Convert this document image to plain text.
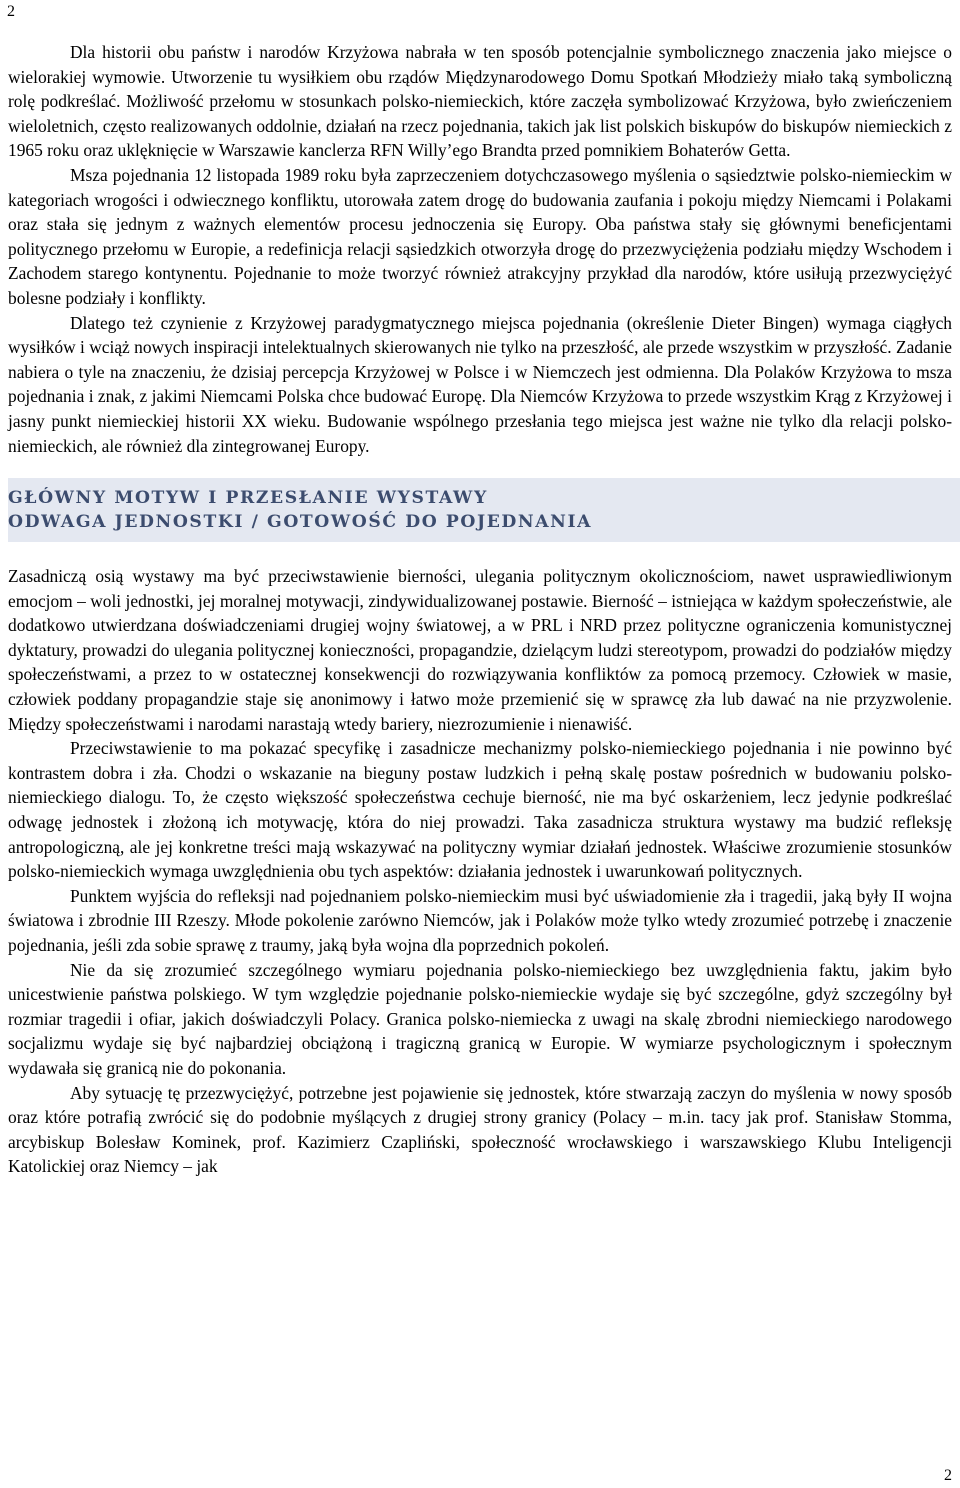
2

Dla historii obu państw i narodów Krzyżowa nabrała w ten sposób potencjalnie symbolicznego znaczenia jako miejsce o wielorakiej wymowie. Utworzenie tu wysiłkiem obu rządów Międzynarodowego Domu Spotkań Młodzieży miało taką symboliczną rolę podkreślać. Możliwość przełomu w stosunkach polsko-niemieckich, które zaczęła symbolizować Krzyżowa, było zwieńczeniem wieloletnich, często realizowanych oddolnie, działań na rzecz pojednania, takich jak list polskich biskupów do biskupów niemieckich z 1965 roku oraz uklęknięcie w Warszawie kanclerza RFN Willy’ego Brandta przed pomnikiem Bohaterów Getta.

Msza pojednania 12 listopada 1989 roku była zaprzeczeniem dotychczasowego myślenia o sąsiedztwie polsko-niemieckim w kategoriach wrogości i odwiecznego konfliktu, utorowała zatem drogę do budowania zaufania i pokoju między Niemcami i Polakami oraz stała się jednym z ważnych elementów procesu jednoczenia się Europy. Oba państwa stały się głównymi beneficjentami politycznego przełomu w Europie, a redefinicja relacji sąsiedzkich otworzyła drogę do przezwyciężenia podziału między Wschodem i Zachodem starego kontynentu. Pojednanie to może tworzyć również atrakcyjny przykład dla narodów, które usiłują przezwyciężyć bolesne podziały i konflikty.

Dlatego też czynienie z Krzyżowej paradygmatycznego miejsca pojednania (określenie Dieter Bingen) wymaga ciągłych wysiłków i wciąż nowych inspiracji intelektualnych skierowanych nie tylko na przeszłość, ale przede wszystkim w przyszłość. Zadanie nabiera o tyle na znaczeniu, że dzisiaj percepcja Krzyżowej w Polsce i w Niemczech jest odmienna. Dla Polaków Krzyżowa to msza pojednania i znak, z jakimi Niemcami Polska chce budować Europę. Dla Niemców Krzyżowa to przede wszystkim Krąg z Krzyżowej i jasny punkt niemieckiej historii XX wieku. Budowanie wspólnego przesłania tego miejsca jest ważne nie tylko dla relacji polsko-niemieckich, ale również dla zintegrowanej Europy.

GŁÓWNY MOTYW I PRZESŁANIE WYSTAWY
ODWAGA JEDNOSTKI / GOTOWOŚĆ DO POJEDNANIA

Zasadniczą osią wystawy ma być przeciwstawienie bierności, ulegania politycznym okolicznościom, nawet usprawiedliwionym emocjom – woli jednostki, jej moralnej motywacji, zindywidualizowanej postawie. Bierność – istniejąca w każdym społeczeństwie, ale dodatkowo utwierdzana doświadczeniami drugiej wojny światowej, a w PRL i NRD przez polityczne ograniczenia komunistycznej dyktatury, prowadzi do ulegania politycznej konieczności, propagandzie, dzielącym ludzi stereotypom, prowadzi do podziałów między społeczeństwami, a przez to w ostatecznej konsekwencji do rozwiązywania konfliktów za pomocą przemocy. Człowiek w masie, człowiek poddany propagandzie staje się anonimowy i łatwo może przemienić się w sprawcę zła lub dawać na nie przyzwolenie. Między społeczeństwami i narodami narastają wtedy bariery, niezrozumienie i nienawiść.

Przeciwstawienie to ma pokazać specyfikę i zasadnicze mechanizmy polsko-niemieckiego pojednania i nie powinno być kontrastem dobra i zła. Chodzi o wskazanie na bieguny postaw ludzkich i pełną skalę postaw pośrednich w budowaniu polsko-niemieckiego dialogu. To, że często większość społeczeństwa cechuje bierność, nie ma być oskarżeniem, lecz jedynie podkreślać odwagę jednostek i złożoną ich motywację, która do niej prowadzi. Taka zasadnicza struktura wystawy ma budzić refleksję antropologiczną, ale jej konkretne treści mają wskazywać na polityczny wymiar działań jednostek. Właściwe zrozumienie stosunków polsko-niemieckich wymaga uwzględnienia obu tych aspektów: działania jednostek i uwarunkowań politycznych.

Punktem wyjścia do refleksji nad pojednaniem polsko-niemieckim musi być uświadomienie zła i tragedii, jaką były II wojna światowa i zbrodnie III Rzeszy. Młode pokolenie zarówno Niemców, jak i Polaków może tylko wtedy zrozumieć potrzebę i znaczenie pojednania, jeśli zda sobie sprawę z traumy, jaką była wojna dla poprzednich pokoleń.

Nie da się zrozumieć szczególnego wymiaru pojednania polsko-niemieckiego bez uwzględnienia faktu, jakim było unicestwienie państwa polskiego. W tym względzie pojednanie polsko-niemieckie wydaje się być szczególne, gdyż szczególny był rozmiar tragedii i ofiar, jakich doświadczyli Polacy. Granica polsko-niemiecka z uwagi na skalę zbrodni niemieckiego narodowego socjalizmu wydaje się być najbardziej obciążoną i tragiczną granicą w Europie. W wymiarze psychologicznym i społecznym wydawała się granicą nie do pokonania.

Aby sytuację tę przezwyciężyć, potrzebne jest pojawienie się jednostek, które stwarzają zaczyn do myślenia w nowy sposób oraz które potrafią zwrócić się do podobnie myślących z drugiej strony granicy (Polacy – m.in. tacy jak prof. Stanisław Stomma, arcybiskup Bolesław Kominek, prof. Kazimierz Czapliński, społeczność wrocławskiego i warszawskiego Klubu Inteligencji Katolickiej oraz Niemcy – jak

2
